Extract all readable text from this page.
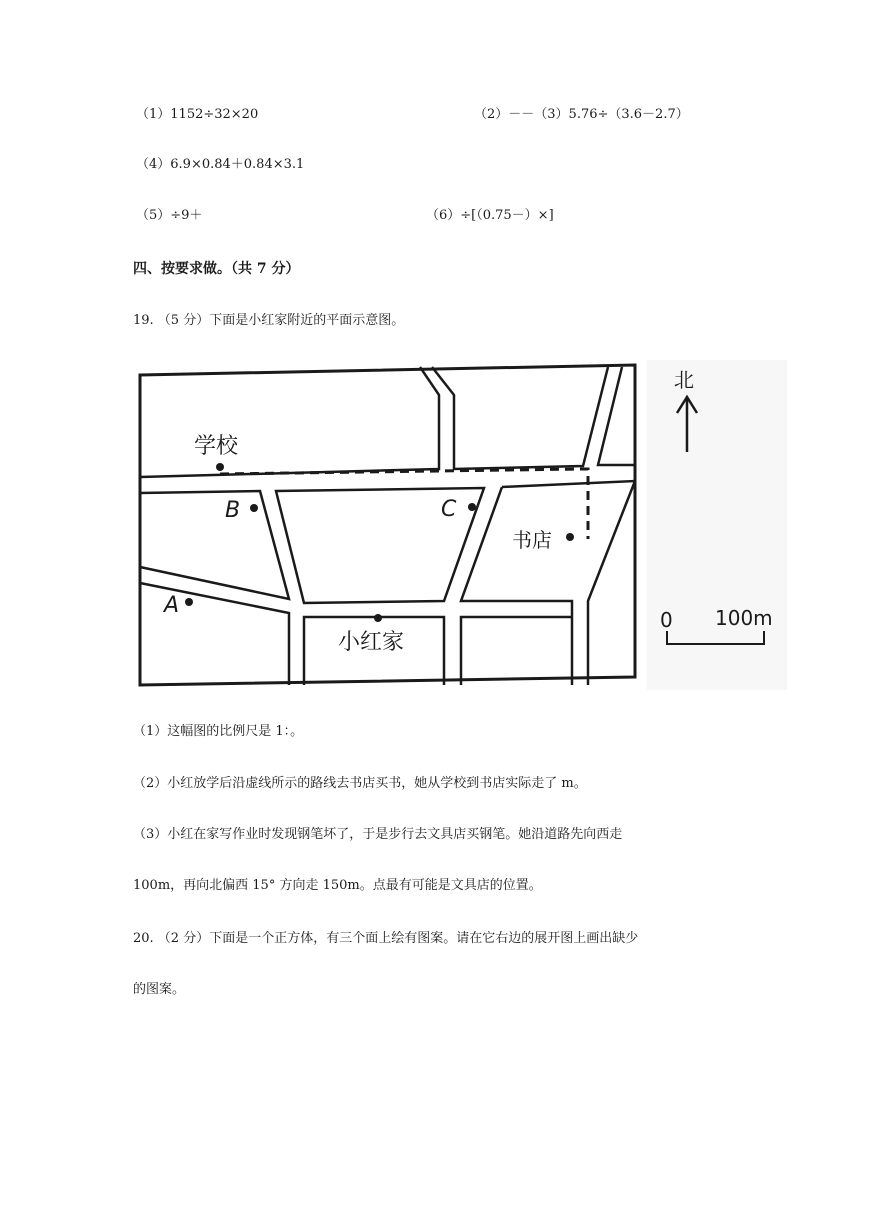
（1）1152÷32×20	（2）－－（3）5.76÷（3.6－2.7）
（4）6.9×0.84＋0.84×3.1
（5）÷9＋	（6）÷[（0.75－）×]
四、按要求做。（共 7 分）
19. （5 分）下面是小红家附近的平面示意图。
学校
B	C
书店
A
小红家
北
0 100m
（1）这幅图的比例尺是 1：。
（2）小红放学后沿虚线所示的路线去书店买书，她从学校到书店实际走了 m。
（3）小红在家写作业时发现钢笔坏了，于是步行去文具店买钢笔。她沿道路先向西走
100m，再向北偏西 15° 方向走 150m。点最有可能是文具店的位置。
20. （2 分）下面是一个正方体，有三个面上绘有图案。请在它右边的展开图上画出缺少
的图案。
